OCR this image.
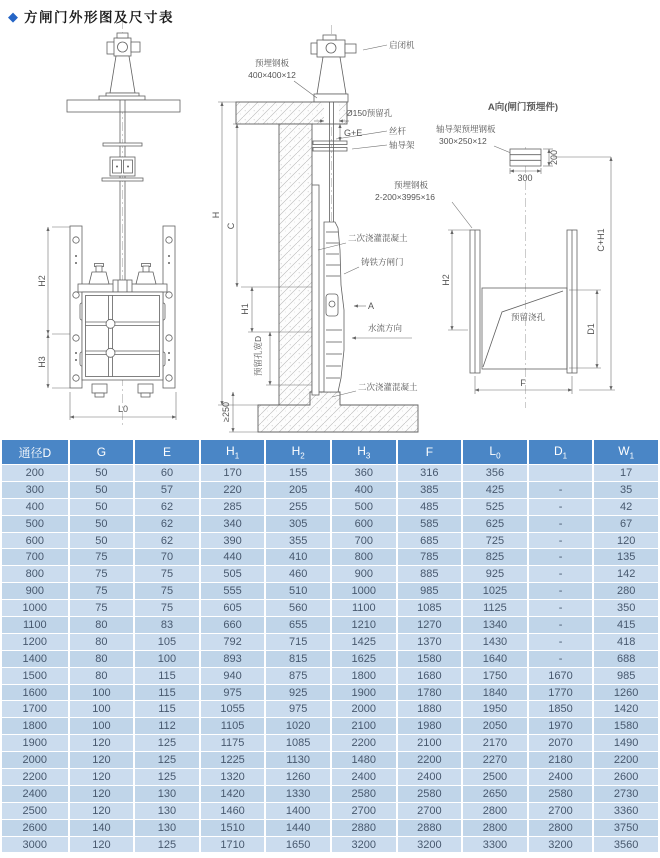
◆ 方闸门外形图及尺寸表
H2
H3
L0
启闭机
预埋钢板
400×400×12
Ø150预留孔
G+E	丝杆
轴导架
H
C
H1
预留孔宽D
≥250
二次浇灌混凝土
铸铁方闸门
A
水流方向
二次浇灌混凝土
A向(闸门预埋件)
轴导架预埋钢板
300×250×12
200
300
预留浇孔
预埋钢板
2-200×3995×16
C+H1
H2
D1
F
通径D	G	E	$H_1$	$H_2$	$H_3$	F	$L_0$	$D_1$	$W_1$
200	50	60	170	155	360	316	356		17
300	50	57	220	205	400	385	425	-	35
400	50	62	285	255	500	485	525	-	42
500	50	62	340	305	600	585	625	-	67
600	50	62	390	355	700	685	725	-	120
700	75	70	440	410	800	785	825	-	135
800	75	75	505	460	900	885	925	-	142
900	75	75	555	510	1000	985	1025	-	280
1000	75	75	605	560	1100	1085	1125	-	350
1100	80	83	660	655	1210	1270	1340	-	415
1200	80	105	792	715	1425	1370	1430	-	418
1400	80	100	893	815	1625	1580	1640	-	688
1500	80	115	940	875	1800	1680	1750	1670	985
1600	100	115	975	925	1900	1780	1840	1770	1260
1700	100	115	1055	975	2000	1880	1950	1850	1420
1800	100	112	1105	1020	2100	1980	2050	1970	1580
1900	120	125	1175	1085	2200	2100	2170	2070	1490
2000	120	125	1225	1130	1480	2200	2270	2180	2200
2200	120	125	1320	1260	2400	2400	2500	2400	2600
2400	120	130	1420	1330	2580	2580	2650	2580	2730
2500	120	130	1460	1400	2700	2700	2800	2700	3360
2600	140	130	1510	1440	2880	2880	2800	2800	3750
3000	120	125	1710	1650	3200	3200	3300	3200	3560
